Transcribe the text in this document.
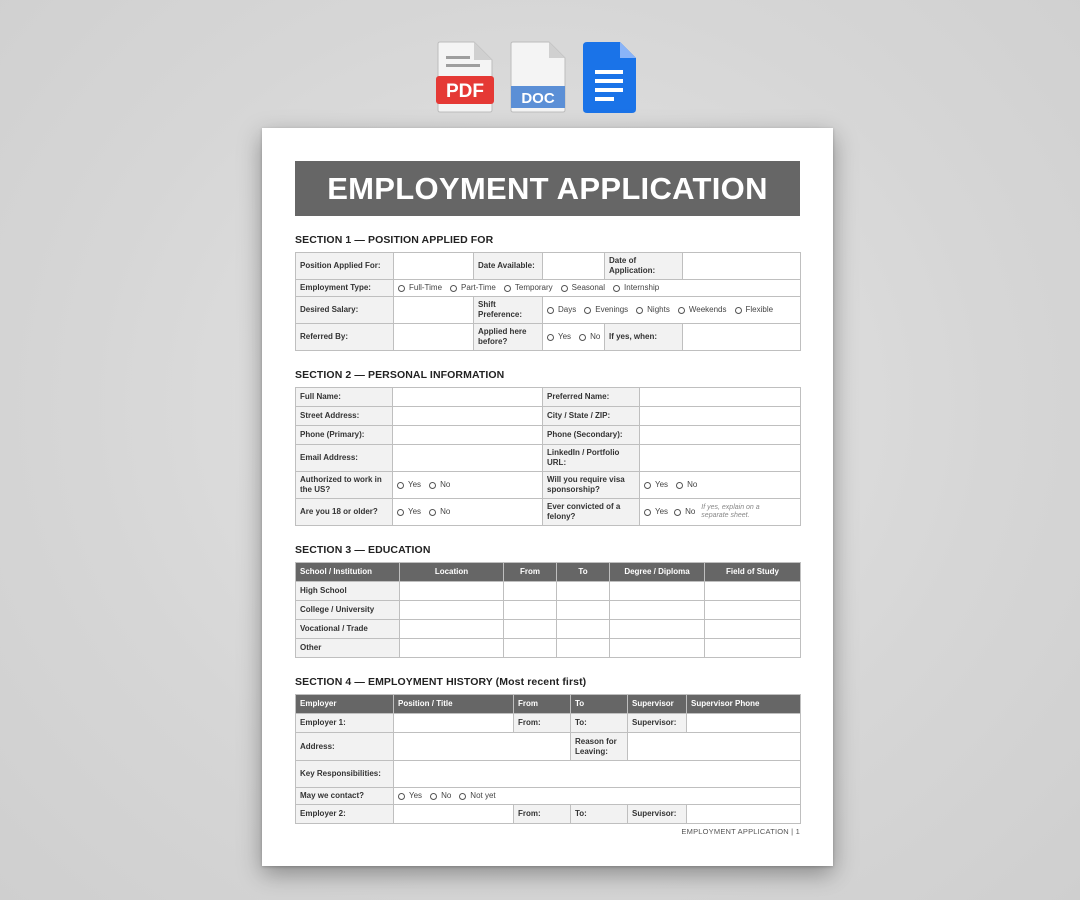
PDF DOC
EMPLOYMENT APPLICATION
SECTION 1 — POSITION APPLIED FOR
Position Applied For:		Date Available:		Date of Application:	
Employment Type:	Full-Time Part-Time Temporary Seasonal Internship				

Desired Salary:		Shift Preference:	Days Evenings Nights Weekends Flexible		

Referred By:		Applied here before?	Yes No	If yes, when:	
SECTION 2 — PERSONAL INFORMATION
Full Name:		Preferred Name:	
Street Address:		City / State / ZIP:	
Phone (Primary):		Phone (Secondary):	
Email Address:		LinkedIn / Portfolio URL:	
Authorized to work in the US?	Yes No	Will you require visa sponsorship?	Yes No

Are you 18 or older?	Yes No	Ever convicted of a felony?	Yes No If yes, explain on a separate sheet.
SECTION 3 — EDUCATION
School / Institution	Location	From	To	Degree / Diploma	Field of Study
High School					
College / University					
Vocational / Trade					
Other					
SECTION 4 — EMPLOYMENT HISTORY (Most recent first)
Employer	Position / Title	From	To	Supervisor	Supervisor Phone
Employer 1:		From:	To:	Supervisor:	
Address:			Reason for Leaving:		
Key Responsibilities:					
May we contact?	Yes No Not yet				

Employer 2:		From:	To:	Supervisor:	
EMPLOYMENT APPLICATION | 1
